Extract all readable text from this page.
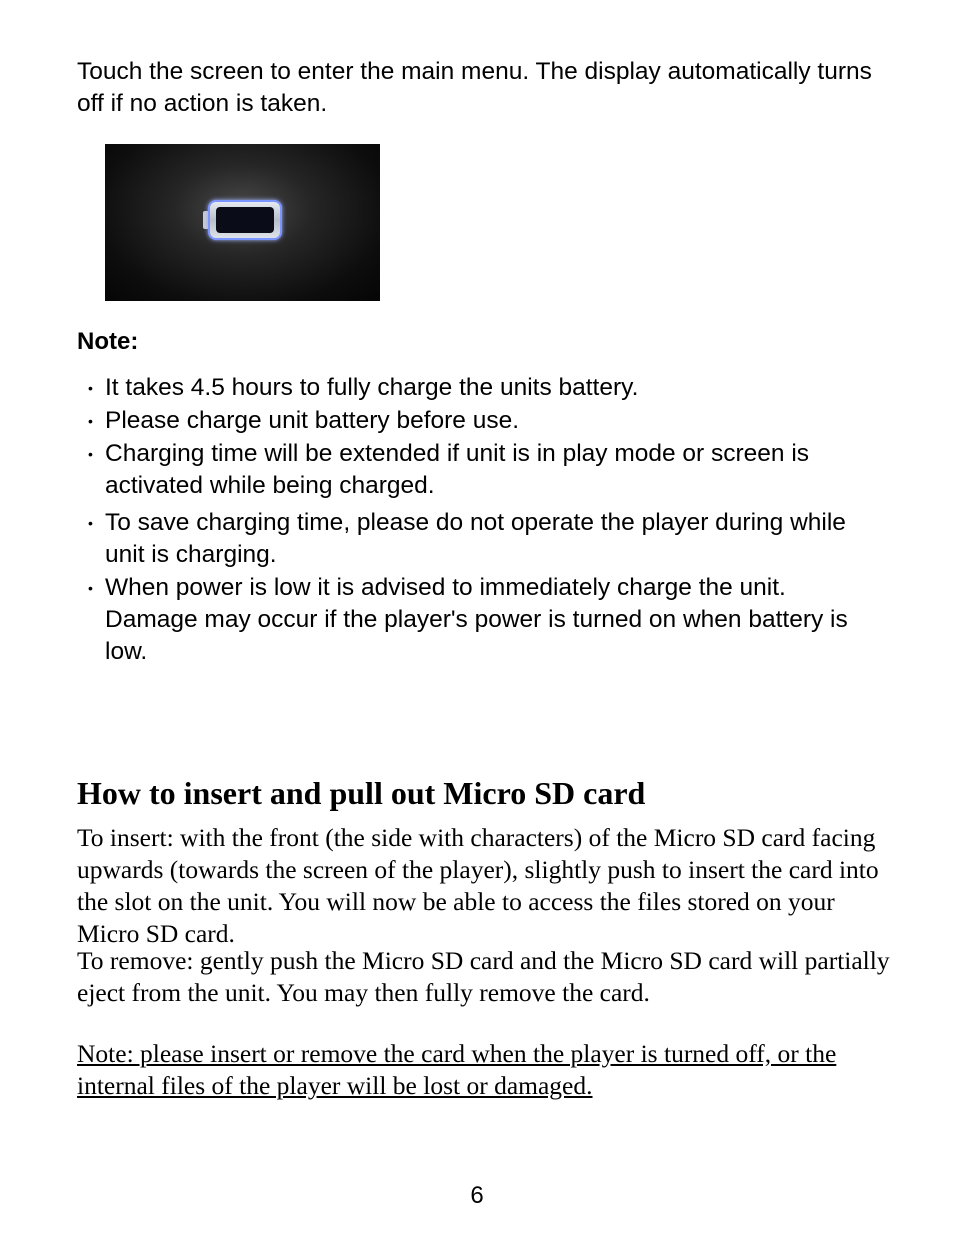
Touch the screen to enter the main menu. The display automatically turns off if no action is taken.

Note:

• It takes 4.5 hours to fully charge the units battery.
• Please charge unit battery before use.
• Charging time will be extended if unit is in play mode or screen is activated while being charged.
• To save charging time, please do not operate the player during while unit is charging.
• When power is low it is advised to immediately charge the unit. Damage may occur if the player's power is turned on when battery is low.
How to insert and pull out Micro SD card

To insert: with the front (the side with characters) of the Micro SD card facing upwards (towards the screen of the player), slightly push to insert the card into the slot on the unit. You will now be able to access the files stored on your Micro SD card.

To remove: gently push the Micro SD card and the Micro SD card will partially eject from the unit. You may then fully remove the card.

Note: please insert or remove the card when the player is turned off, or the internal files of the player will be lost or damaged.

6
